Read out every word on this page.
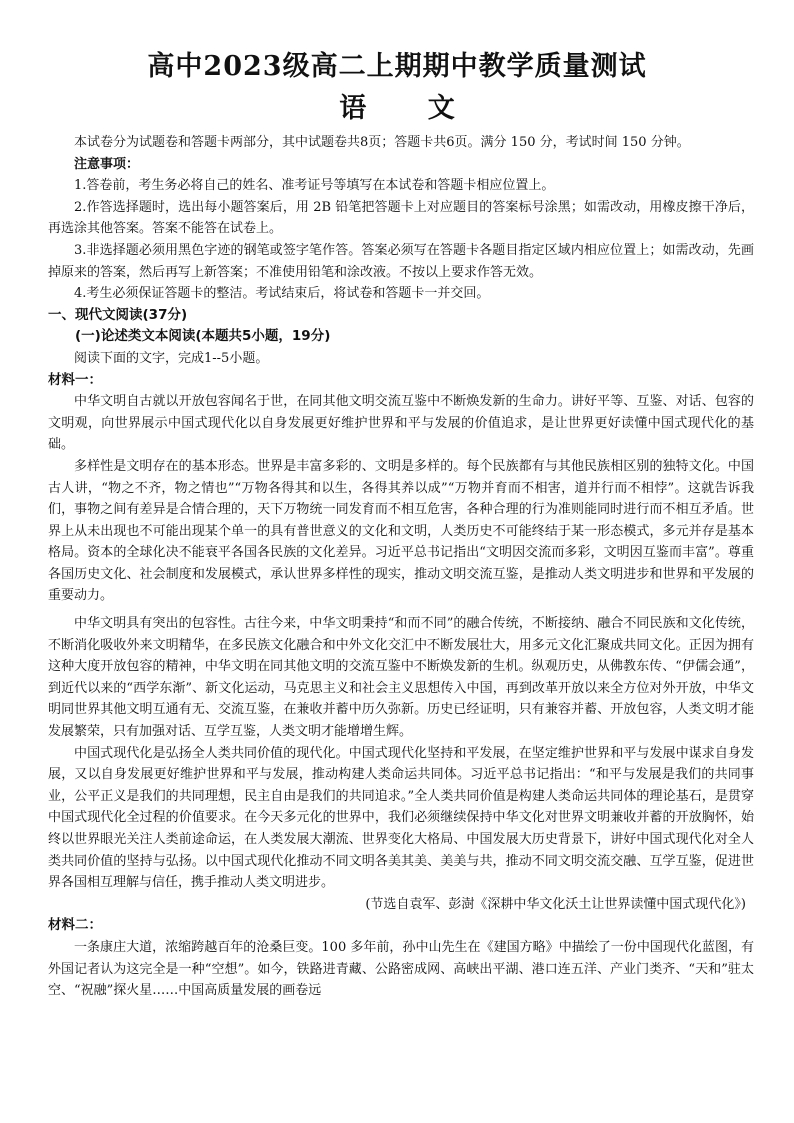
高中2023级高二上期期中教学质量测试
语 文

本试卷分为试题卷和答题卡两部分，其中试题卷共8页；答题卡共6页。满分 150 分，考试时间 150 分钟。

注意事项：

1.答卷前，考生务必将自己的姓名、准考证号等填写在本试卷和答题卡相应位置上。

2.作答选择题时，选出每小题答案后，用 2B 铅笔把答题卡上对应题目的答案标号涂黑；如需改动，用橡皮擦干净后，再选涂其他答案。答案不能答在试卷上。

3.非选择题必须用黑色字迹的钢笔或签字笔作答。答案必须写在答题卡各题目指定区域内相应位置上；如需改动，先画掉原来的答案，然后再写上新答案；不准使用铅笔和涂改液。不按以上要求作答无效。

4.考生必须保证答题卡的整洁。考试结束后，将试卷和答题卡一并交回。

一、现代文阅读(37分)

(一)论述类文本阅读(本题共5小题，19分)

阅读下面的文字，完成1--5小题。

材料一：

中华文明自古就以开放包容闻名于世，在同其他文明交流互鉴中不断焕发新的生命力。讲好平等、互鉴、对话、包容的文明观，向世界展示中国式现代化以自身发展更好维护世界和平与发展的价值追求，是让世界更好读懂中国式现代化的基础。

多样性是文明存在的基本形态。世界是丰富多彩的、文明是多样的。每个民族都有与其他民族相区别的独特文化。中国古人讲，“物之不齐，物之情也”“万物各得其和以生，各得其养以成”“万物并育而不相害，道并行而不相悖”。这就告诉我们，事物之间有差异是合情合理的，天下万物统一同发育而不相互危害，各种合理的行为准则能同时进行而不相互矛盾。世界上从未出现也不可能出现某个单一的具有普世意义的文化和文明，人类历史不可能终结于某一形态模式，多元并存是基本格局。资本的全球化决不能衰平各国各民族的文化差异。习近平总书记指出“文明因交流而多彩，文明因互鉴而丰富”。尊重各国历史文化、社会制度和发展模式，承认世界多样性的现实，推动文明交流互鉴，是推动人类文明进步和世界和平发展的重要动力。

中华文明具有突出的包容性。古往今来，中华文明秉持“和而不同”的融合传统，不断接纳、融合不同民族和文化传统，不断消化吸收外来文明精华，在多民族文化融合和中外文化交汇中不断发展壮大，用多元文化汇聚成共同文化。正因为拥有这种大度开放包容的精神，中华文明在同其他文明的交流互鉴中不断焕发新的生机。纵观历史，从佛教东传、“伊儒会通”，到近代以来的“西学东渐”、新文化运动，马克思主义和社会主义思想传入中国，再到改革开放以来全方位对外开放，中华文明同世界其他文明互通有无、交流互鉴，在兼收并蓄中历久弥新。历史已经证明，只有兼容并蓄、开放包容，人类文明才能发展繁荣，只有加强对话、互学互鉴，人类文明才能增增生辉。

中国式现代化是弘扬全人类共同价值的现代化。中国式现代化坚持和平发展，在坚定维护世界和平与发展中谋求自身发展，又以自身发展更好维护世界和平与发展，推动构建人类命运共同体。习近平总书记指出：“和平与发展是我们的共同事业，公平正义是我们的共同理想，民主自由是我们的共同追求。”全人类共同价值是构建人类命运共同体的理论基石，是贯穿中国式现代化全过程的价值要求。在今天多元化的世界中，我们必须继续保持中华文化对世界文明兼收并蓄的开放胸怀，始终以世界眼光关注人类前途命运，在人类发展大潮流、世界变化大格局、中国发展大历史背景下，讲好中国式现代化对全人类共同价值的坚持与弘扬。以中国式现代化推动不同文明各美其美、美美与共，推动不同文明交流交融、互学互鉴，促进世界各国相互理解与信任，携手推动人类文明进步。

(节选自袁军、彭澍《深耕中华文化沃土让世界读懂中国式现代化》)

材料二：

一条康庄大道，浓缩跨越百年的沧桑巨变。100 多年前，孙中山先生在《建国方略》中描绘了一份中国现代化蓝图，有外国记者认为这完全是一种“空想”。如今，铁路进青藏、公路密成网、高峡出平湖、港口连五洋、产业门类齐、“天和”驻太空、“祝融”探火星……中国高质量发展的画卷远
